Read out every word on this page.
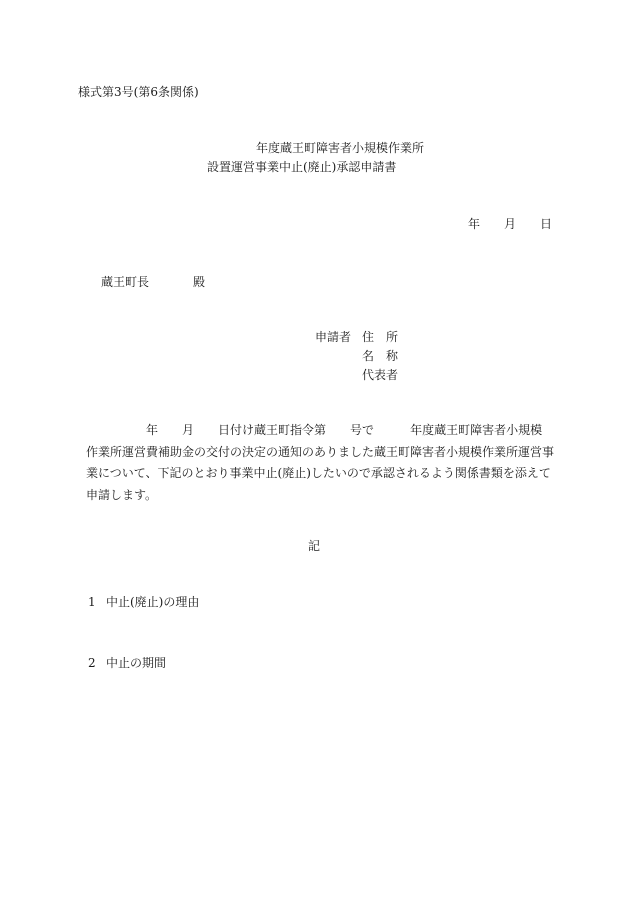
様式第3号(第6条関係)
年度蔵王町障害者小規模作業所
設置運営事業中止(廃止)承認申請書
年 月 日
蔵王町長	殿
申請者 住所
名称
代表者
年 月 日付け蔵王町指令第 号で	年度蔵王町障害者小規模
作業所運営費補助金の交付の決定の通知のありました蔵王町障害者小規模作業所運営事
業について、下記のとおり事業中止(廃止)したいので承認されるよう関係書類を添えて
申請します。
記
1 中止(廃止)の理由
2 中止の期間
